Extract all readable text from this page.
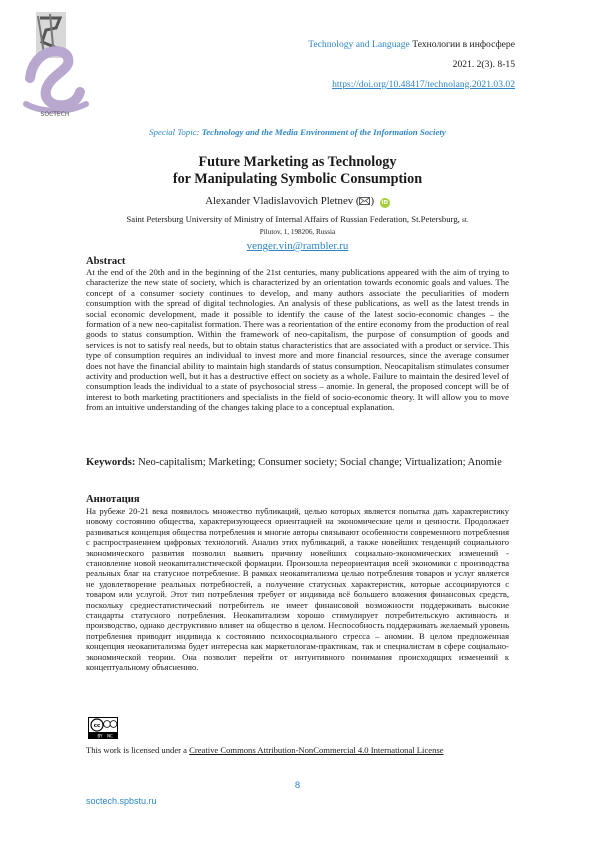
SOCTECH
Technology and Language Технологии в инфосфере
2021. 2(3). 8-15
https://doi.org/10.48417/technolang.2021.03.02
Special Topic: Technology and the Media Environment of the Information Society
Future Marketing as Technology
for Manipulating Symbolic Consumption
Alexander Vladislavovich Pletnev ( ) iD
Saint Petersburg University of Ministry of Internal Affairs of Russian Federation, St.Petersburg, st.
Pilutov, 1, 198206, Russia
venger.vin@rambler.ru
Abstract
At the end of the 20th and in the beginning of the 21st centuries, many publications appeared with the aim of trying to characterize the new state of society, which is characterized by an orientation towards economic goals and values. The concept of a consumer society continues to develop, and many authors associate the peculiarities of modern consumption with the spread of digital technologies. An analysis of these publications, as well as the latest trends in social economic development, made it possible to identify the cause of the latest socio-economic changes – the formation of a new neo-capitalist formation. There was a reorientation of the entire economy from the production of real goods to status consumption. Within the framework of neo-capitalism, the purpose of consumption of goods and services is not to satisfy real needs, but to obtain status characteristics that are associated with a product or service. This type of consumption requires an individual to invest more and more financial resources, since the average consumer does not have the financial ability to maintain high standards of status consumption. Neocapitalism stimulates consumer activity and production well, but it has a destructive effect on society as a whole. Failure to maintain the desired level of consumption leads the individual to a state of psychosocial stress – anomie. In general, the proposed concept will be of interest to both marketing practitioners and specialists in the field of socio-economic theory. It will allow you to move from an intuitive understanding of the changes taking place to a conceptual explanation.
Keywords: Neo-capitalism; Marketing; Consumer society; Social change; Virtualization; Anomie
Аннотация
На рубеже 20-21 века появилось множество публикаций, целью которых является попытка дать характеристику новому состоянию общества, характеризующееся ориентацией на экономические цели и ценности. Продолжает развиваться концепция общества потребления и многие авторы связывают особенности современного потребления с распространением цифровых технологий. Анализ этих публикаций, а также новейших тенденций социального экономического развития позволил выявить причину новейших социально-экономических изменений - становление новой неокапиталистической формации. Произошла переориентация всей экономики с производства реальных благ на статусное потребление. В рамках неокапитализма целью потребления товаров и услуг является не удовлетворение реальных потребностей, а получение статусных характеристик, которые ассоциируются с товаром или услугой. Этот тип потребления требует от индивида всё большего вложения финансовых средств, поскольку среднестатистический потребитель не имеет финансовой возможности поддерживать высокие стандарты статусного потребления. Неокапитализм хорошо стимулирует потребительскую активность и производство, однако деструктивно влияет на общество в целом. Неспособность поддерживать желаемый уровень потребления приводит индивида к состоянию психосоциального стресса – аномии. В целом предложенная концепция неокапитализма будет интересна как маркетологам-практикам, так и специалистам в сфере социально-экономической теории. Она позволит перейти от интуитивного понимания происходящих изменений к концептуальному объяснению.
cc
BY NC
This work is licensed under a Creative Commons Attribution-NonCommercial 4.0 International License
8
soctech.spbstu.ru
